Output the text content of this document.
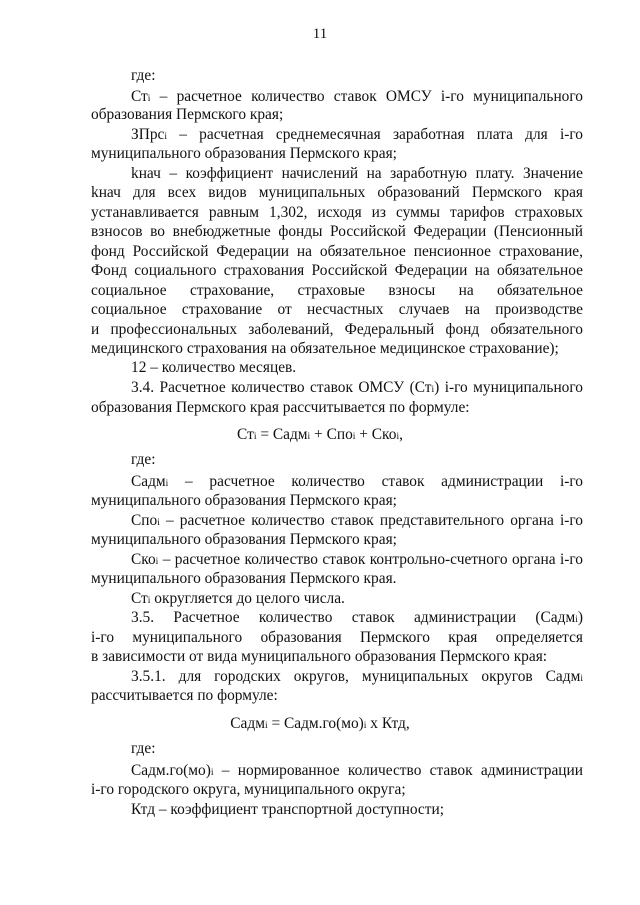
11
где:
$Ст_i$ – расчетное количество ставок ОМСУ i-го муниципального
образования Пермского края;
ЗПрс$_i$ – расчетная среднемесячная заработная плата для i-го
муниципального образования Пермского края;
kнач – коэффициент начислений на заработную плату. Значение
kнач для всех видов муниципальных образований Пермского края
устанавливается равным 1,302, исходя из суммы тарифов страховых
взносов во внебюджетные фонды Российской Федерации (Пенсионный
фонд Российской Федерации на обязательное пенсионное страхование,
Фонд социального страхования Российской Федерации на обязательное
социальное страхование, страховые взносы на обязательное
социальное страхование от несчастных случаев на производстве
и профессиональных заболеваний, Федеральный фонд обязательного
медицинского страхования на обязательное медицинское страхование);
12 – количество месяцев.
3.4. Расчетное количество ставок ОМСУ $(Ст_i)$ i-го муниципального
образования Пермского края рассчитывается по формуле:
$Ст_i$ = Садм$_i$ + Спо$_i$ + Ско$_i$,
где:
Садм$_i$ – расчетное количество ставок администрации i-го
муниципального образования Пермского края;
Спо$_i$ – расчетное количество ставок представительного органа i-го
муниципального образования Пермского края;
Ско$_i$ – расчетное количество ставок контрольно-счетного органа i-го
муниципального образования Пермского края.
$Ст_i$ округляется до целого числа.
3.5. Расчетное количество ставок администрации (Садм$_i$)
i-го муниципального образования Пермского края определяется
в зависимости от вида муниципального образования Пермского края:
3.5.1. для городских округов, муниципальных округов Садм$_i$
рассчитывается по формуле:
Садм$_i$ = $Садм.го(мо)_i$ х Ктд,
где:
$Садм.го(мо)_i$ – нормированное количество ставок администрации
i-го городского округа, муниципального округа;
Ктд – коэффициент транспортной доступности;
